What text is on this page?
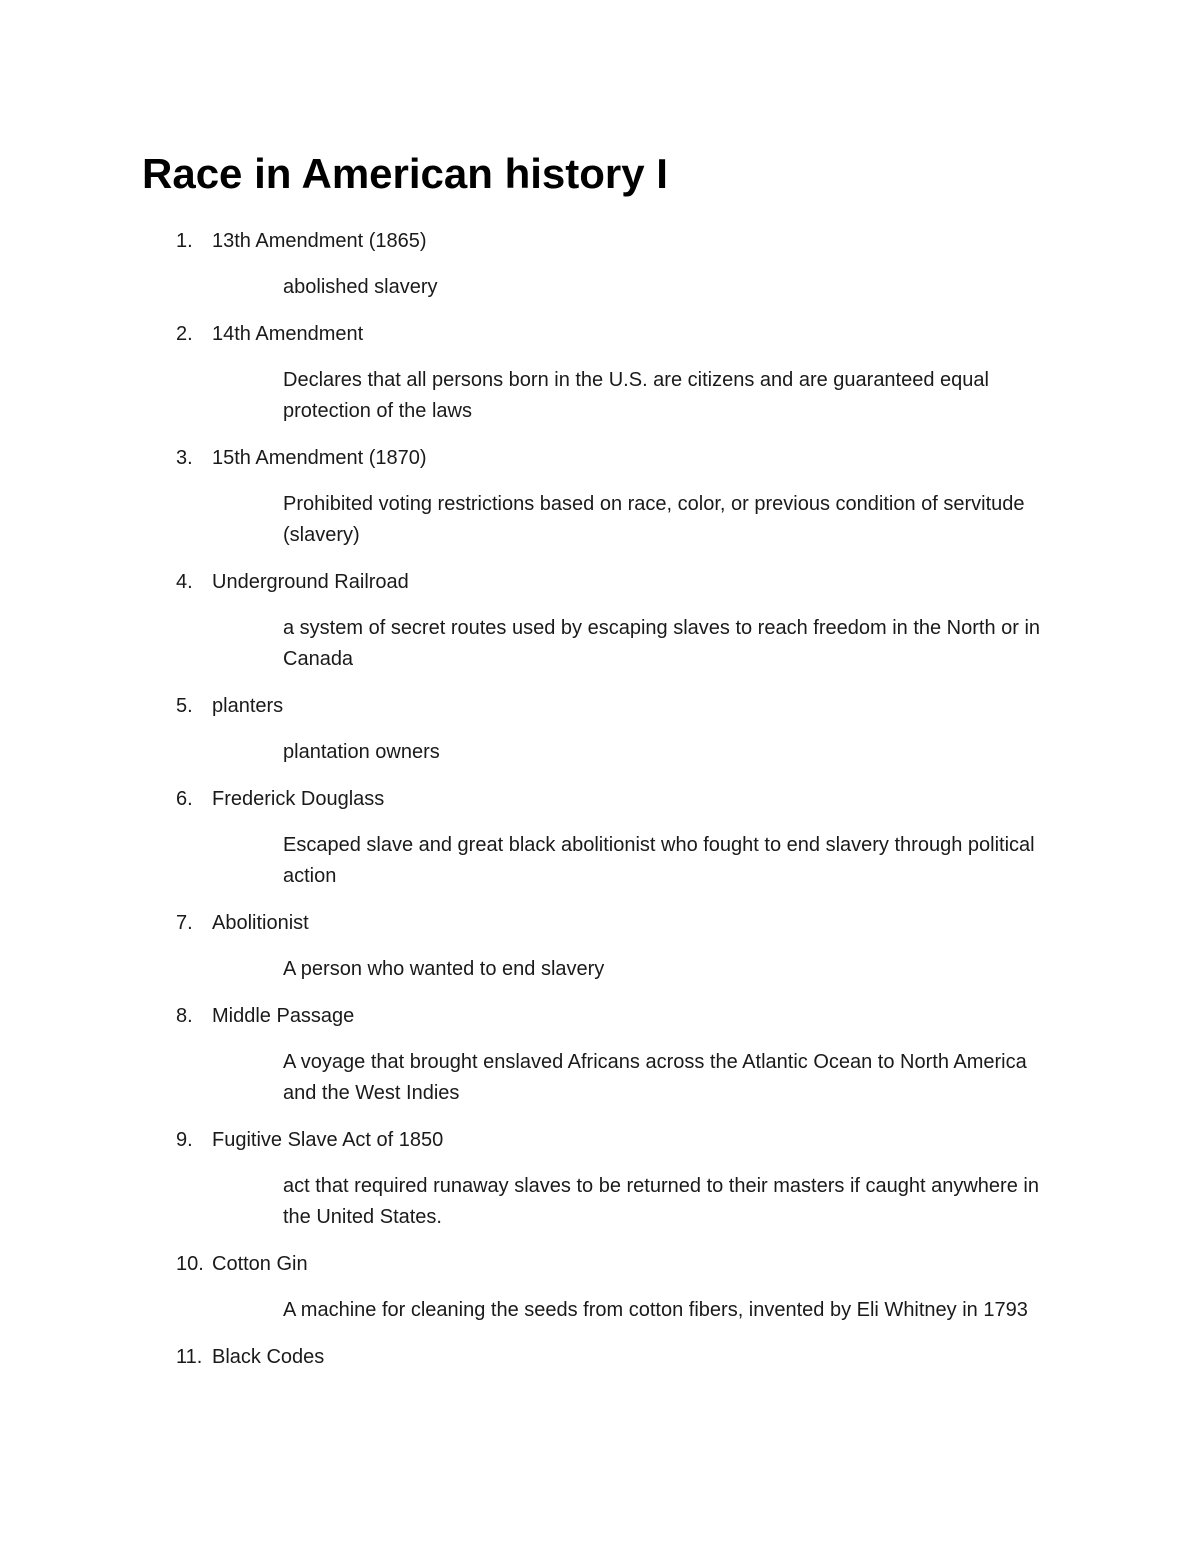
Race in American history I
1. 13th Amendment (1865)
abolished slavery
2. 14th Amendment
Declares that all persons born in the U.S. are citizens and are guaranteed equal protection of the laws
3. 15th Amendment (1870)
Prohibited voting restrictions based on race, color, or previous condition of servitude (slavery)
4. Underground Railroad
a system of secret routes used by escaping slaves to reach freedom in the North or in Canada
5. planters
plantation owners
6. Frederick Douglass
Escaped slave and great black abolitionist who fought to end slavery through political action
7. Abolitionist
A person who wanted to end slavery
8. Middle Passage
A voyage that brought enslaved Africans across the Atlantic Ocean to North America and the West Indies
9. Fugitive Slave Act of 1850
act that required runaway slaves to be returned to their masters if caught anywhere in the United States.
10. Cotton Gin
A machine for cleaning the seeds from cotton fibers, invented by Eli Whitney in 1793
11. Black Codes
